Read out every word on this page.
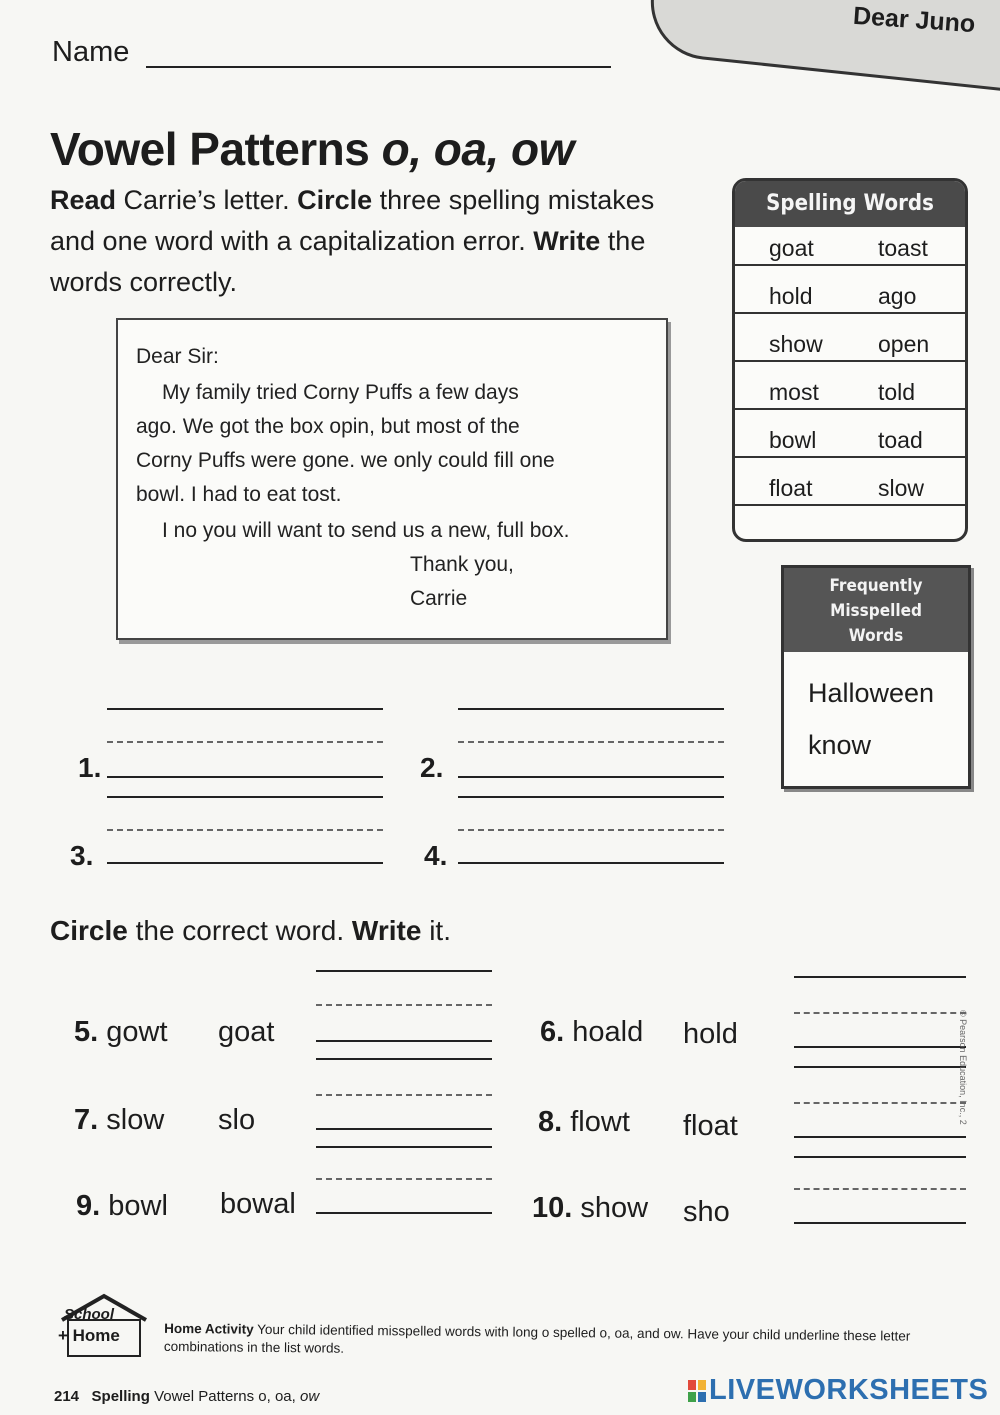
Dear Juno
Name
Vowel Patterns o, oa, ow
Read Carrie’s letter. Circle three spelling mistakes and one word with a capitalization error. Write the words correctly.
Dear Sir:
My family tried Corny Puffs a few days
ago. We got the box opin, but most of the
Corny Puffs were gone. we only could fill one
bowl. I had to eat tost.
I no you will want to send us a new, full box.
Thank you,
Carrie
Spelling Words
goat	toast
hold	ago
show open
most	told
bowl	toad
float	slow
Frequently
Misspelled
Words
Halloween
know
1.	2.
3.	4.
Circle the correct word. Write it.
5. gowt goat	6. hoald hold
7. slow slo	8. flowt float
9. bowl bowal	10. show sho
© Pearson Education, Inc., 2
School
+ Home	Home Activity Your child identified misspelled words with long o spelled o, oa, and ow. Have your child underline these letter combinations in the list words.
214 Spelling Vowel Patterns o, oa, ow	LIVEWORKSHEETS
